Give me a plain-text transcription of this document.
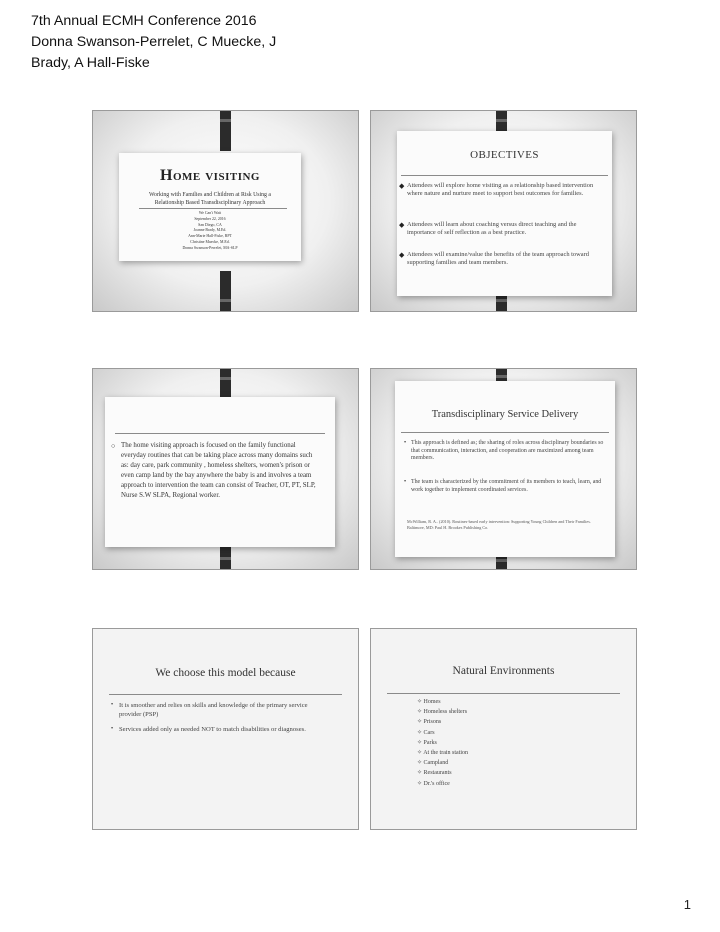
7th Annual ECMH Conference 2016
Donna Swanson-Perrelet, C Muecke, J
Brady, A Hall-Fiske
Home visiting
Working with Families and Children at Risk Using a
Relationship Based Transdisciplinary Approach
We Can't Wait
September 22, 2016
San Diego, CA
Joanne Brady, M.Ed.
Ann-Marie Hall-Fiske, RPT
Christine Muecke, M.Ed.
Donna Swanson-Perrelet, MA-SLP
OBJECTIVES
◆ Attendees will explore home visiting as a relationship based intervention where nature and nurture meet to support best outcomes for families.
◆ Attendees will learn about coaching versus direct teaching and the importance of self reflection as a best practice.
◆ Attendees will examine/value the benefits of the team approach toward supporting families and team members.
○ The home visiting approach is focused on the family functional everyday routines that can be taking place across many domains such as: day care, park community , homeless shelters, women's prison or even camp land by the bay anywhere the baby is and involves a team approach to intervention the team can consist of Teacher, OT, PT, SLP, Nurse S.W SLPA, Regional worker.
Transdisciplinary Service Delivery
• This approach is defined as; the sharing of roles across disciplinary boundaries so that communication, interaction, and cooperation are maximized among team members.
• The team is characterized by the commitment of its members to teach, learn, and work together to implement coordinated services.
McWilliam, R. A.. (2010). Routines-based early intervention: Supporting Young Children and Their Families. Baltimore, MD: Paul H. Brookes Publishing Co.
We choose this model because
• It is smoother and relies on skills and knowledge of the primary service provider (PSP)
• Services added only as needed NOT to match disabilities or diagnoses.
Natural Environments
✧ Homes
✧ Homeless shelters
✧ Prisons
✧ Cars
✧ Parks
✧ At the train station
✧ Campland
✧ Restaurants
✧ Dr.'s office
1
